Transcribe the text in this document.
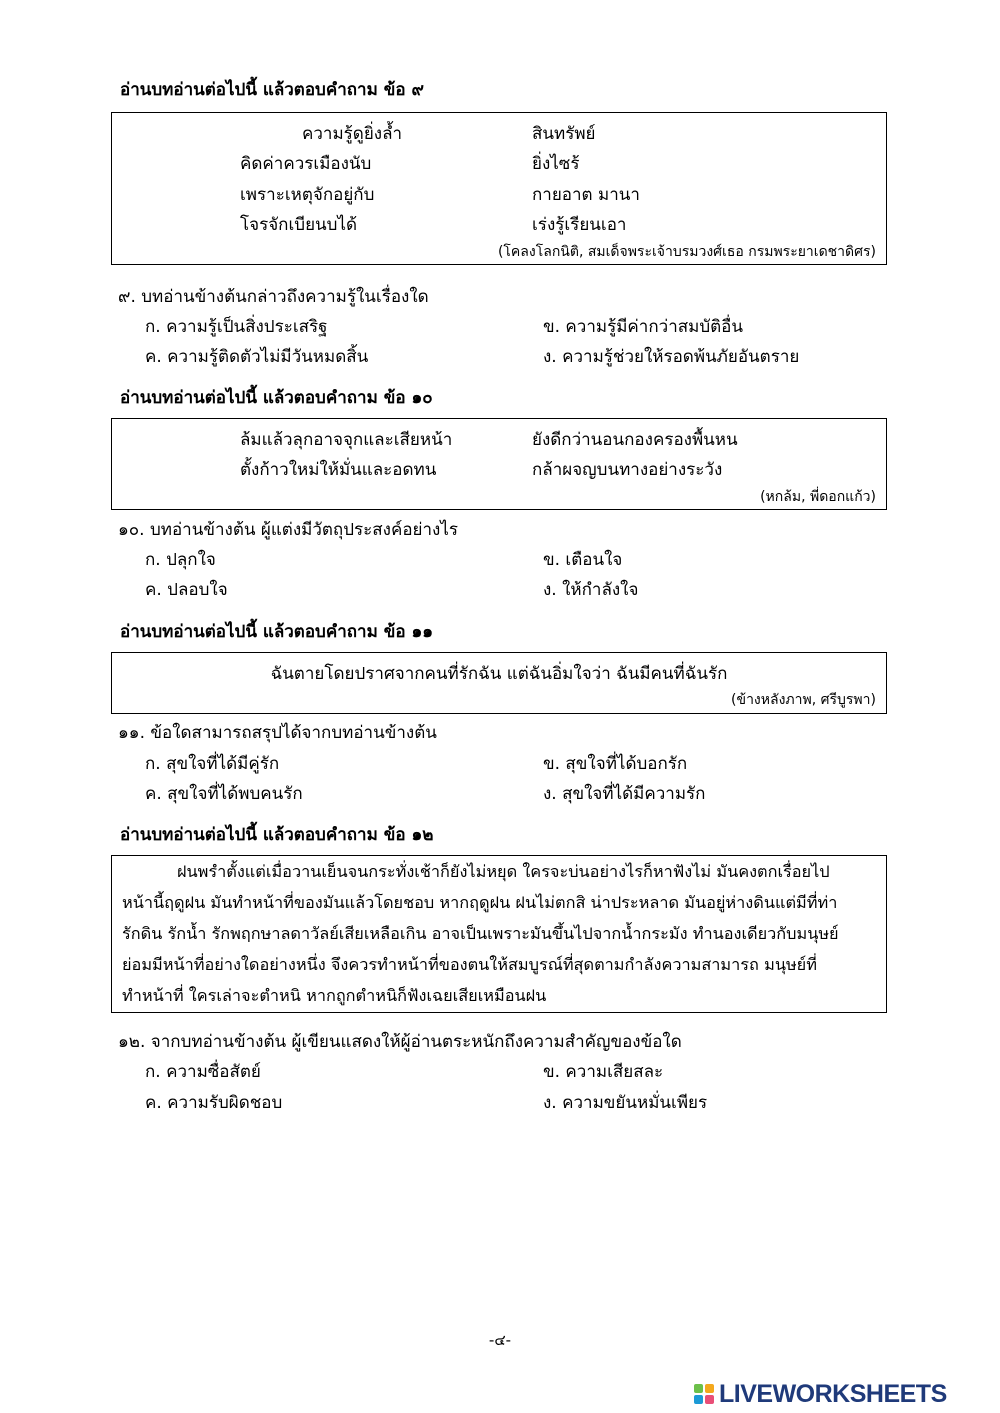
อ่านบทอ่านต่อไปนี้ แล้วตอบคำถาม ข้อ ๙
ความรู้ดูยิ่งล้ำ	สินทรัพย์
คิดค่าควรเมืองนับ	ยิ่งไซร้
เพราะเหตุจักอยู่กับ	กายอาต มานา
โจรจักเบียนบได้	เร่งรู้เรียนเอา
(โคลงโลกนิติ, สมเด็จพระเจ้าบรมวงศ์เธอ กรมพระยาเดชาดิศร)
๙. บทอ่านข้างต้นกล่าวถึงความรู้ในเรื่องใด
ก. ความรู้เป็นสิ่งประเสริฐ	ข. ความรู้มีค่ากว่าสมบัติอื่น
ค. ความรู้ติดตัวไม่มีวันหมดสิ้น	ง. ความรู้ช่วยให้รอดพ้นภัยอันตราย
อ่านบทอ่านต่อไปนี้ แล้วตอบคำถาม ข้อ ๑๐
ล้มแล้วลุกอาจจุกและเสียหน้า	ยังดีกว่านอนกองครองพื้นหน
ตั้งก้าวใหม่ให้มั่นและอดทน	กล้าผจญบนทางอย่างระวัง
(หกล้ม, พี่ดอกแก้ว)
๑๐. บทอ่านข้างต้น ผู้แต่งมีวัตถุประสงค์อย่างไร
ก. ปลุกใจ	ข. เตือนใจ
ค. ปลอบใจ	ง. ให้กำลังใจ
อ่านบทอ่านต่อไปนี้ แล้วตอบคำถาม ข้อ ๑๑
ฉันตายโดยปราศจากคนที่รักฉัน แต่ฉันอิ่มใจว่า ฉันมีคนที่ฉันรัก
(ข้างหลังภาพ, ศรีบูรพา)
๑๑. ข้อใดสามารถสรุปได้จากบทอ่านข้างต้น
ก. สุขใจที่ได้มีคู่รัก	ข. สุขใจที่ได้บอกรัก
ค. สุขใจที่ได้พบคนรัก	ง. สุขใจที่ได้มีความรัก
อ่านบทอ่านต่อไปนี้ แล้วตอบคำถาม ข้อ ๑๒
ฝนพรำตั้งแต่เมื่อวานเย็นจนกระทั่งเช้าก็ยังไม่หยุด ใครจะบ่นอย่างไรก็หาฟังไม่ มันคงตกเรื่อยไป
หน้านี้ฤดูฝน มันทำหน้าที่ของมันแล้วโดยชอบ หากฤดูฝน ฝนไม่ตกสิ น่าประหลาด มันอยู่ห่างดินแต่มีที่ท่า
รักดิน รักน้ำ รักพฤกษาลดาวัลย์เสียเหลือเกิน อาจเป็นเพราะมันขึ้นไปจากน้ำกระมัง ทำนองเดียวกับมนุษย์
ย่อมมีหน้าที่อย่างใดอย่างหนึ่ง จึงควรทำหน้าที่ของตนให้สมบูรณ์ที่สุดตามกำลังความสามารถ มนุษย์ที่
ทำหน้าที่ ใครเล่าจะตำหนิ หากถูกตำหนิก็ฟังเฉยเสียเหมือนฝน
๑๒. จากบทอ่านข้างต้น ผู้เขียนแสดงให้ผู้อ่านตระหนักถึงความสำคัญของข้อใด
ก. ความซื่อสัตย์	ข. ความเสียสละ
ค. ความรับผิดชอบ	ง. ความขยันหมั่นเพียร
-๔-
LIVEWORKSHEETS
